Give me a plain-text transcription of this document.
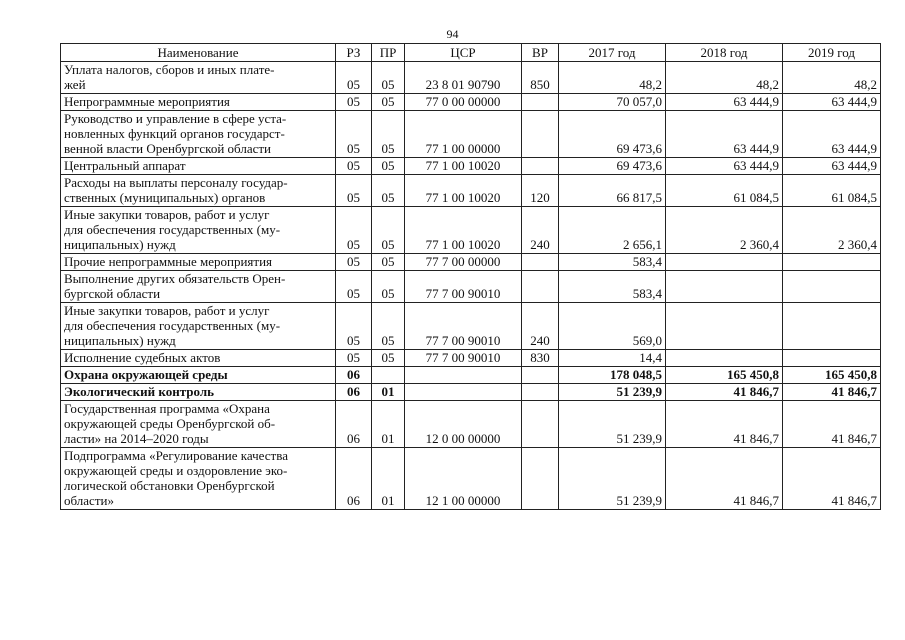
94
Наименование	РЗ	ПР	ЦСР	ВР	2017 год	2018 год	2019 год
Уплата налогов, сборов и иных плате-
жей	05	05	23 8 01 90790	850	48,2	48,2	48,2
Непрограммные мероприятия	05	05	77 0 00 00000		70 057,0	63 444,9	63 444,9
Руководство и управление в сфере уста-
новленных функций органов государст-
венной власти Оренбургской области	05	05	77 1 00 00000		69 473,6	63 444,9	63 444,9
Центральный аппарат	05	05	77 1 00 10020		69 473,6	63 444,9	63 444,9
Расходы на выплаты персоналу государ-
ственных (муниципальных) органов	05	05	77 1 00 10020	120	66 817,5	61 084,5	61 084,5
Иные закупки товаров, работ и услуг
для обеспечения государственных (му-
ниципальных) нужд	05	05	77 1 00 10020	240	2 656,1	2 360,4	2 360,4
Прочие непрограммные мероприятия	05	05	77 7 00 00000		583,4		
Выполнение других обязательств Орен-
бургской области	05	05	77 7 00 90010		583,4		
Иные закупки товаров, работ и услуг
для обеспечения государственных (му-
ниципальных) нужд	05	05	77 7 00 90010	240	569,0		
Исполнение судебных актов	05	05	77 7 00 90010	830	14,4		
Охрана окружающей среды	06				178 048,5	165 450,8	165 450,8
Экологический контроль	06	01			51 239,9	41 846,7	41 846,7
Государственная программа «Охрана
окружающей среды Оренбургской об-
ласти» на 2014–2020 годы	06	01	12 0 00 00000		51 239,9	41 846,7	41 846,7
Подпрограмма «Регулирование качества
окружающей среды и оздоровление эко-
логической обстановки Оренбургской
области»	06	01	12 1 00 00000		51 239,9	41 846,7	41 846,7
